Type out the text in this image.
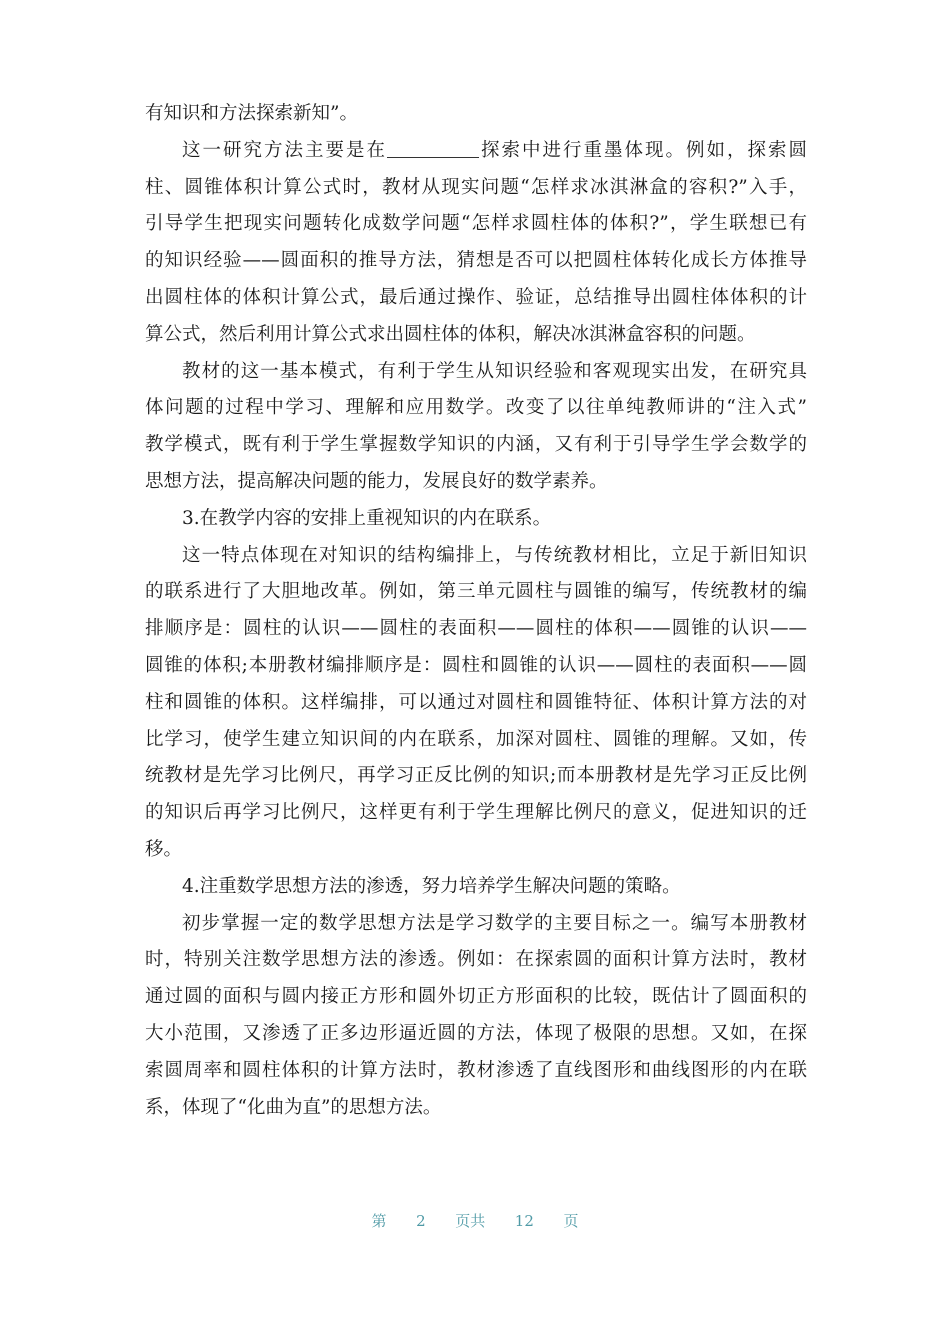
有知识和方法探索新知”。
这一研究方法主要是在	探索中进行重墨体现。例如，探索圆
柱、圆锥体积计算公式时，教材从现实问题“怎样求冰淇淋盒的容积?”入手，
引导学生把现实问题转化成数学问题“怎样求圆柱体的体积?”，学生联想已有
的知识经验——圆面积的推导方法，猜想是否可以把圆柱体转化成长方体推导
出圆柱体的体积计算公式，最后通过操作、验证，总结推导出圆柱体体积的计
算公式，然后利用计算公式求出圆柱体的体积，解决冰淇淋盒容积的问题。
教材的这一基本模式，有利于学生从知识经验和客观现实出发，在研究具
体问题的过程中学习、理解和应用数学。改变了以往单纯教师讲的“注入式”
教学模式，既有利于学生掌握数学知识的内涵，又有利于引导学生学会数学的
思想方法，提高解决问题的能力，发展良好的数学素养。
3.在教学内容的安排上重视知识的内在联系。
这一特点体现在对知识的结构编排上，与传统教材相比，立足于新旧知识
的联系进行了大胆地改革。例如，第三单元圆柱与圆锥的编写，传统教材的编
排顺序是：圆柱的认识——圆柱的表面积——圆柱的体积——圆锥的认识——
圆锥的体积;本册教材编排顺序是：圆柱和圆锥的认识——圆柱的表面积——圆
柱和圆锥的体积。这样编排，可以通过对圆柱和圆锥特征、体积计算方法的对
比学习，使学生建立知识间的内在联系，加深对圆柱、圆锥的理解。又如，传
统教材是先学习比例尺，再学习正反比例的知识;而本册教材是先学习正反比例
的知识后再学习比例尺，这样更有利于学生理解比例尺的意义，促进知识的迁
移。
4.注重数学思想方法的渗透，努力培养学生解决问题的策略。
初步掌握一定的数学思想方法是学习数学的主要目标之一。编写本册教材
时，特别关注数学思想方法的渗透。例如：在探索圆的面积计算方法时，教材
通过圆的面积与圆内接正方形和圆外切正方形面积的比较，既估计了圆面积的
大小范围，又渗透了正多边形逼近圆的方法，体现了极限的思想。又如，在探
索圆周率和圆柱体积的计算方法时，教材渗透了直线图形和曲线图形的内在联
系，体现了“化曲为直”的思想方法。
第 2 页共 12 页
